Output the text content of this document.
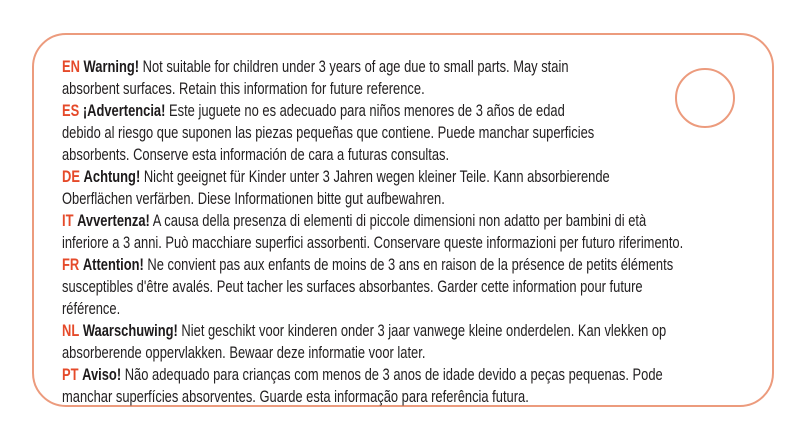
EN Warning! Not suitable for children under 3 years of age due to small parts. May stain
absorbent surfaces. Retain this information for future reference.
ES ¡Advertencia! Este juguete no es adecuado para niños menores de 3 años de edad
debido al riesgo que suponen las piezas pequeñas que contiene. Puede manchar superficies
absorbents. Conserve esta información de cara a futuras consultas.
DE Achtung! Nicht geeignet für Kinder unter 3 Jahren wegen kleiner Teile. Kann absorbierende
Oberflächen verfärben. Diese Informationen bitte gut aufbewahren.
IT Avvertenza! A causa della presenza di elementi di piccole dimensioni non adatto per bambini di età
inferiore a 3 anni. Può macchiare superfici assorbenti. Conservare queste informazioni per futuro riferimento.
FR Attention! Ne convient pas aux enfants de moins de 3 ans en raison de la présence de petits éléments
susceptibles d'être avalés. Peut tacher les surfaces absorbantes. Garder cette information pour future
référence.
NL Waarschuwing! Niet geschikt voor kinderen onder 3 jaar vanwege kleine onderdelen. Kan vlekken op
absorberende oppervlakken. Bewaar deze informatie voor later.
PT Aviso! Não adequado para crianças com menos de 3 anos de idade devido a peças pequenas. Pode
manchar superfícies absorventes. Guarde esta informação para referência futura.
